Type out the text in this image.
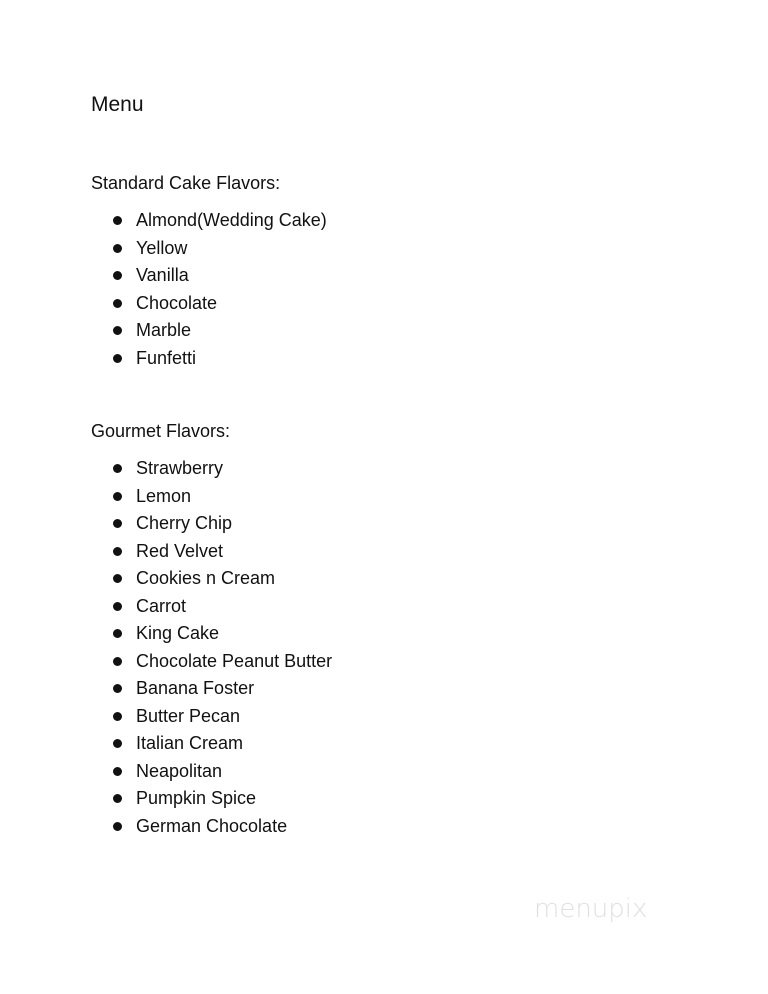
Menu
Standard Cake Flavors:
Almond(Wedding Cake)
Yellow
Vanilla
Chocolate
Marble
Funfetti
Gourmet Flavors:
Strawberry
Lemon
Cherry Chip
Red Velvet
Cookies n Cream
Carrot
King Cake
Chocolate Peanut Butter
Banana Foster
Butter Pecan
Italian Cream
Neapolitan
Pumpkin Spice
German Chocolate
menupix
